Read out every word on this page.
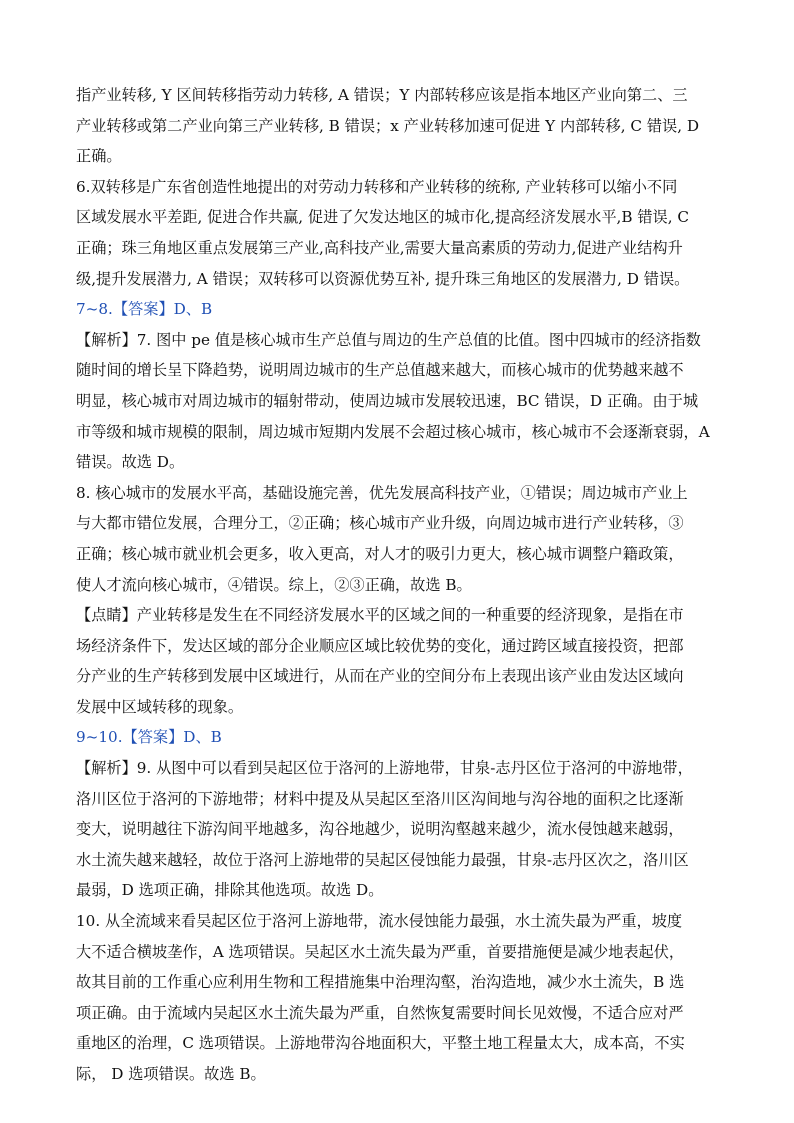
指产业转移, Y 区间转移指劳动力转移, A 错误；Y 内部转移应该是指本地区产业向第二、三

产业转移或第二产业向第三产业转移, B 错误；x 产业转移加速可促进 Y 内部转移, C 错误, D

正确。

6.双转移是广东省创造性地提出的对劳动力转移和产业转移的统称, 产业转移可以缩小不同

区域发展水平差距, 促进合作共赢, 促进了欠发达地区的城市化,提高经济发展水平,B 错误, C

正确；珠三角地区重点发展第三产业,高科技产业,需要大量高素质的劳动力,促进产业结构升

级,提升发展潜力, A 错误；双转移可以资源优势互补, 提升珠三角地区的发展潜力, D 错误。

7~8.【答案】D、B

【解析】7. 图中 pe 值是核心城市生产总值与周边的生产总值的比值。图中四城市的经济指数

随时间的增长呈下降趋势，说明周边城市的生产总值越来越大，而核心城市的优势越来越不

明显，核心城市对周边城市的辐射带动，使周边城市发展较迅速，BC 错误，D 正确。由于城

市等级和城市规模的限制，周边城市短期内发展不会超过核心城市，核心城市不会逐渐衰弱，A

错误。故选 D。

8. 核心城市的发展水平高，基础设施完善，优先发展高科技产业，①错误；周边城市产业上

与大都市错位发展，合理分工，②正确；核心城市产业升级，向周边城市进行产业转移，③

正确；核心城市就业机会更多，收入更高，对人才的吸引力更大，核心城市调整户籍政策，

使人才流向核心城市，④错误。综上，②③正确，故选 B。

【点睛】产业转移是发生在不同经济发展水平的区域之间的一种重要的经济现象，是指在市

场经济条件下，发达区域的部分企业顺应区域比较优势的变化，通过跨区域直接投资，把部

分产业的生产转移到发展中区域进行，从而在产业的空间分布上表现出该产业由发达区域向

发展中区域转移的现象。

9~10.【答案】D、B

【解析】9. 从图中可以看到吴起区位于洛河的上游地带，甘泉-志丹区位于洛河的中游地带，

洛川区位于洛河的下游地带；材料中提及从吴起区至洛川区沟间地与沟谷地的面积之比逐渐

变大，说明越往下游沟间平地越多，沟谷地越少，说明沟壑越来越少，流水侵蚀越来越弱，

水土流失越来越轻，故位于洛河上游地带的吴起区侵蚀能力最强，甘泉-志丹区次之，洛川区

最弱，D 选项正确，排除其他选项。故选 D。

10. 从全流域来看吴起区位于洛河上游地带，流水侵蚀能力最强，水土流失最为严重，坡度

大不适合横坡垄作，A 选项错误。吴起区水土流失最为严重，首要措施便是减少地表起伏，

故其目前的工作重心应利用生物和工程措施集中治理沟壑，治沟造地，减少水土流失，B 选

项正确。由于流域内吴起区水土流失最为严重，自然恢复需要时间长见效慢，不适合应对严

重地区的治理，C 选项错误。上游地带沟谷地面积大，平整土地工程量太大，成本高，不实

际， D 选项错误。故选 B。
